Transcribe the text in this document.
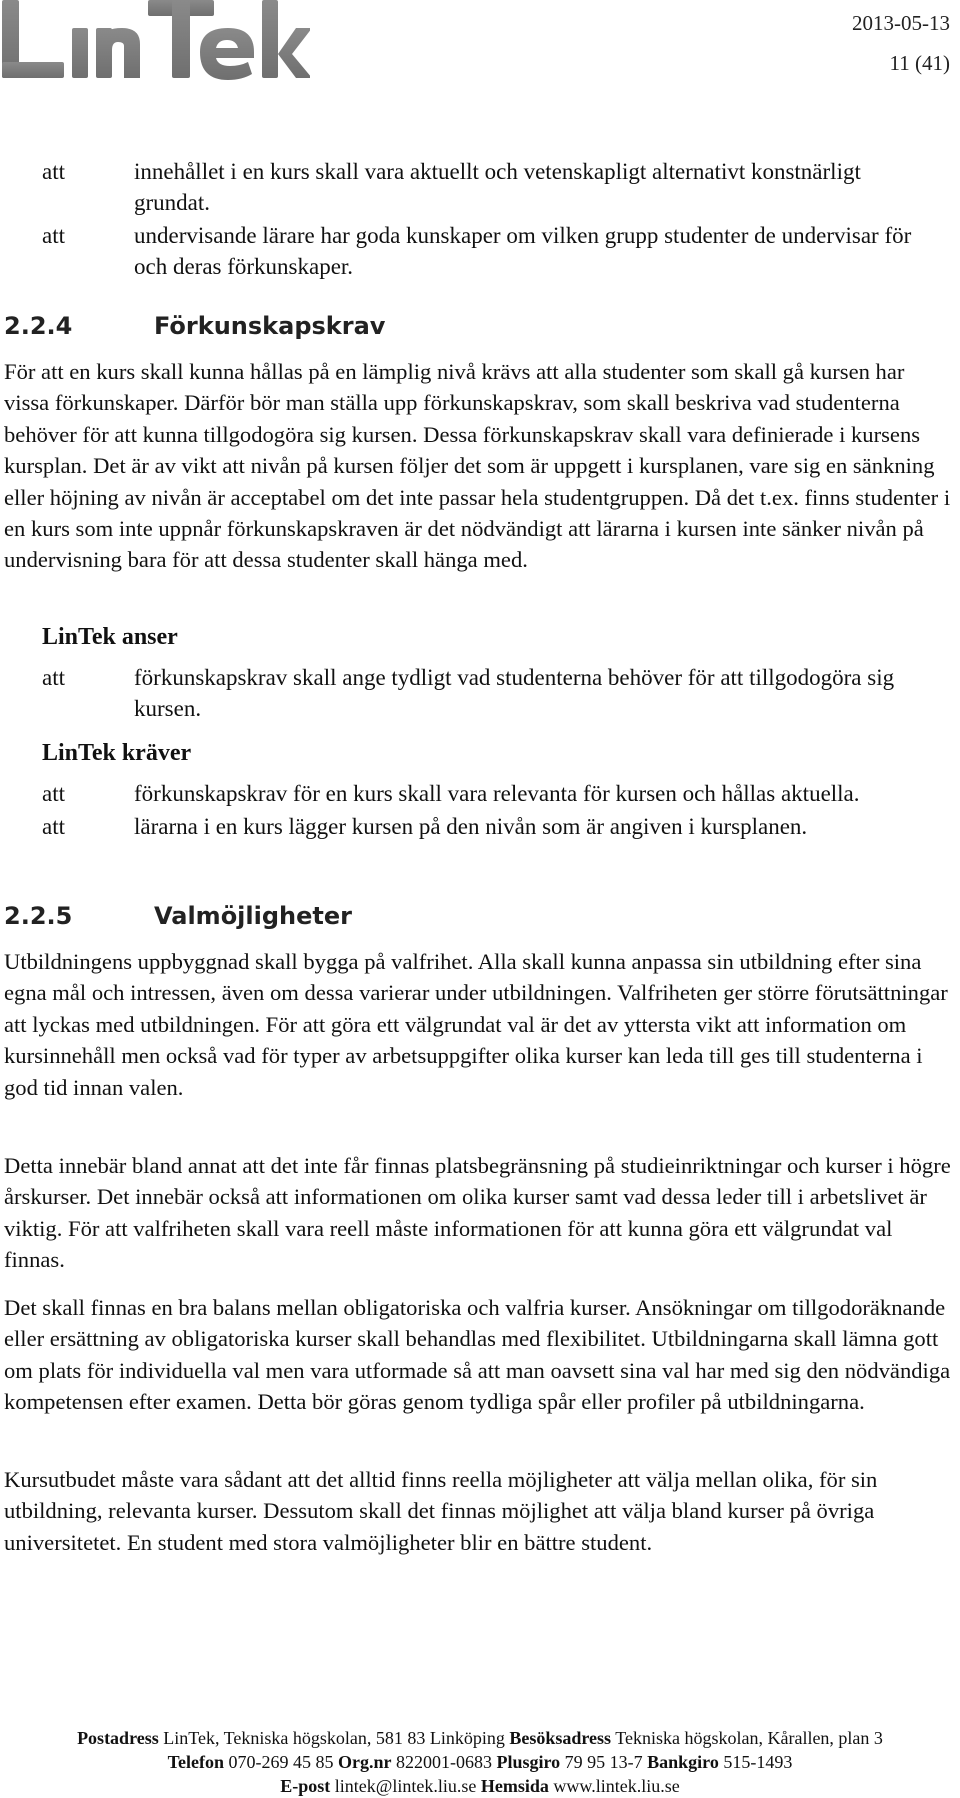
2013-05-13
11 (41)
att	innehållet i en kurs skall vara aktuellt och vetenskapligt alternativt konstnärligt grundat.
att	undervisande lärare har goda kunskaper om vilken grupp studenter de undervisar för och deras förkunskaper.
2.2.4	Förkunskapskrav

För att en kurs skall kunna hållas på en lämplig nivå krävs att alla studenter som skall gå kursen har vissa förkunskaper. Därför bör man ställa upp förkunskapskrav, som skall beskriva vad studenterna behöver för att kunna tillgodogöra sig kursen. Dessa förkunskapskrav skall vara definierade i kursens kursplan. Det är av vikt att nivån på kursen följer det som är uppgett i kursplanen, vare sig en sänkning eller höjning av nivån är acceptabel om det inte passar hela studentgruppen. Då det t.ex. finns studenter i en kurs som inte uppnår förkunskapskraven är det nödvändigt att lärarna i kursen inte sänker nivån på undervisning bara för att dessa studenter skall hänga med.

LinTek anser
att	förkunskapskrav skall ange tydligt vad studenterna behöver för att tillgodogöra sig kursen.
LinTek kräver
att	förkunskapskrav för en kurs skall vara relevanta för kursen och hållas aktuella.
att	lärarna i en kurs lägger kursen på den nivån som är angiven i kursplanen.
2.2.5	Valmöjligheter

Utbildningens uppbyggnad skall bygga på valfrihet. Alla skall kunna anpassa sin utbildning efter sina egna mål och intressen, även om dessa varierar under utbildningen. Valfriheten ger större förutsättningar att lyckas med utbildningen. För att göra ett välgrundat val är det av yttersta vikt att information om kursinnehåll men också vad för typer av arbetsuppgifter olika kurser kan leda till ges till studenterna i god tid innan valen.

Detta innebär bland annat att det inte får finnas platsbegränsning på studieinriktningar och kurser i högre årskurser. Det innebär också att informationen om olika kurser samt vad dessa leder till i arbetslivet är viktig. För att valfriheten skall vara reell måste informationen för att kunna göra ett välgrundat val finnas.

Det skall finnas en bra balans mellan obligatoriska och valfria kurser. Ansökningar om tillgodoräknande eller ersättning av obligatoriska kurser skall behandlas med flexibilitet. Utbildningarna skall lämna gott om plats för individuella val men vara utformade så att man oavsett sina val har med sig den nödvändiga kompetensen efter examen. Detta bör göras genom tydliga spår eller profiler på utbildningarna.

Kursutbudet måste vara sådant att det alltid finns reella möjligheter att välja mellan olika, för sin utbildning, relevanta kurser. Dessutom skall det finnas möjlighet att välja bland kurser på övriga universitetet. En student med stora valmöjligheter blir en bättre student.

Postadress LinTek, Tekniska högskolan, 581 83 Linköping Besöksadress Tekniska högskolan, Kårallen, plan 3
Telefon 070-269 45 85 Org.nr 822001-0683 Plusgiro 79 95 13-7 Bankgiro 515-1493
E-post lintek@lintek.liu.se Hemsida www.lintek.liu.se
